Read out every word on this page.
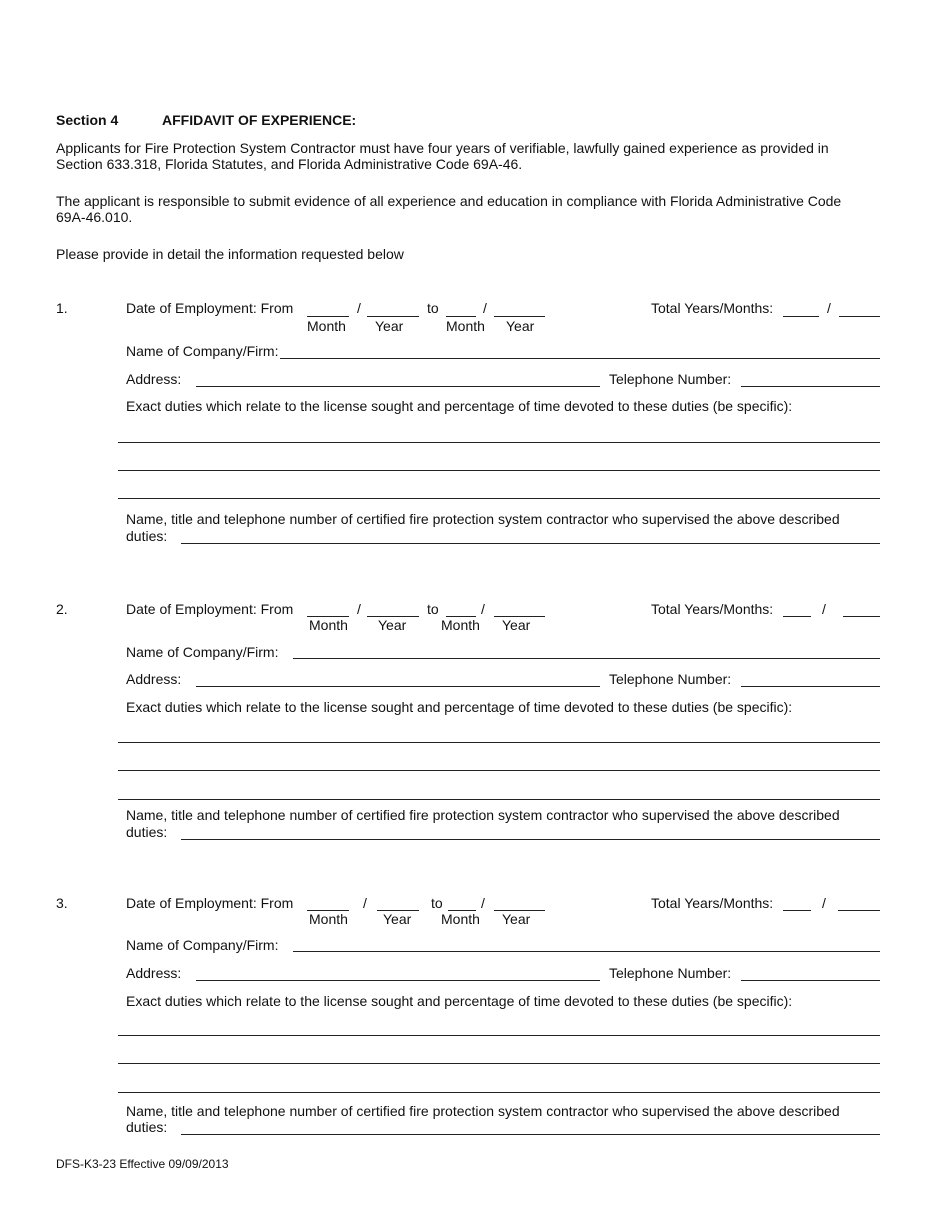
Section 4	AFFIDAVIT OF EXPERIENCE:
Applicants for Fire Protection System Contractor must have four years of verifiable, lawfully gained experience as provided in Section 633.318, Florida Statutes, and Florida Administrative Code 69A-46.
The applicant is responsible to submit evidence of all experience and education in compliance with Florida Administrative Code 69A-46.010.
Please provide in detail the information requested below
1.	Date of Employment: From	/	to	/
Month Year	Month Year
Total Years/Months:	/
Name of Company/Firm:
Address:	Telephone Number:
Exact duties which relate to the license sought and percentage of time devoted to these duties (be specific):
Name, title and telephone number of certified fire protection system contractor who supervised the above described
duties:
2.	Date of Employment: From	/	to	/
Month Year Month Year
Total Years/Months:	/
Name of Company/Firm:
Address:	Telephone Number:
Exact duties which relate to the license sought and percentage of time devoted to these duties (be specific):
Name, title and telephone number of certified fire protection system contractor who supervised the above described
duties:
3.	Date of Employment: From	/	to	/
Month	Year Month Year
Total Years/Months:	/
Name of Company/Firm:
Address:	Telephone Number:
Exact duties which relate to the license sought and percentage of time devoted to these duties (be specific):
Name, title and telephone number of certified fire protection system contractor who supervised the above described
duties:
DFS-K3-23 Effective 09/09/2013
